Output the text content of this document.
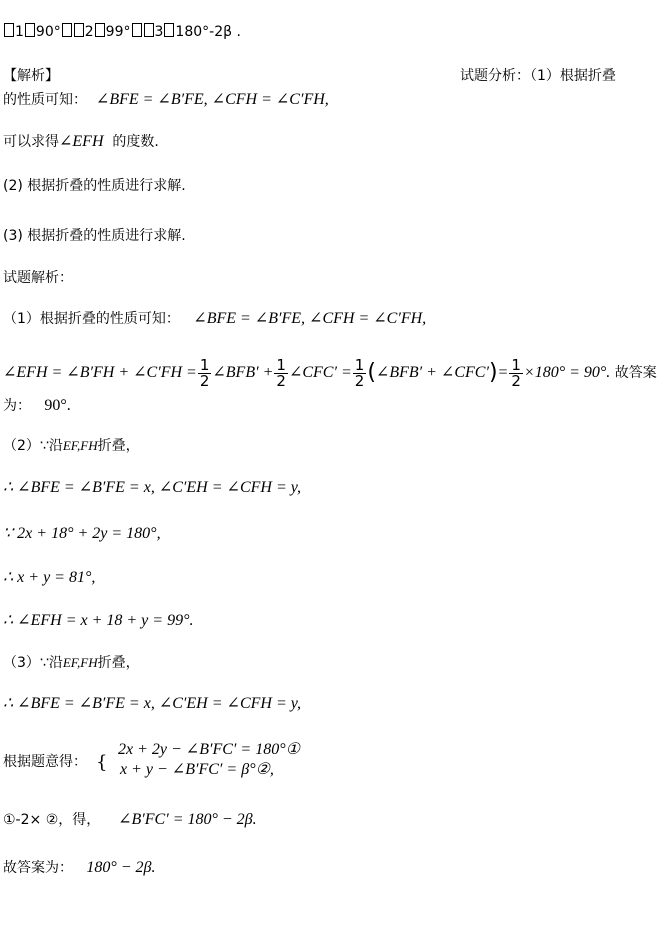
1 90° 2 99° 3 180°-2β .
【解析】	试题分析：（1）根据折叠
的性质可知： ∠BFE = ∠B′FE, ∠CFH = ∠C′FH,
可以求得∠EFH 的度数.
(2) 根据折叠的性质进行求解.
(3) 根据折叠的性质进行求解.
试题解析：
（1）根据折叠的性质可知： ∠BFE = ∠B′FE, ∠CFH = ∠C′FH,
∠EFH = ∠B′FH + ∠C′FH = $\frac{1}{2}$ ∠BFB′ + $\frac{1}{2}$ ∠CFC′ = $\frac{1}{2}$ (∠BFB′ + ∠CFC′)= $\frac{1}{2} \times 180^\circ = 90^\circ$. 故答案
为： 90°.
（2）∵沿EF,FH折叠，
∴ ∠BFE = ∠B′FE = x, ∠C′EH = ∠CFH = y,
∵ 2x + 18° + 2y = 180°,
∴ x + y = 81°,
∴ ∠EFH = x + 18 + y = 99°.
（3）∵沿EF,FH折叠，
∴ ∠BFE = ∠B′FE = x, ∠C′EH = ∠CFH = y,
根据题意得： {
2x + 2y − ∠B′FC′ = 180°①
x + y − ∠B′FC′ = β°②,
①-2× ②，得， ∠B′FC′ = 180° − 2β.
故答案为： 180° − 2β.
